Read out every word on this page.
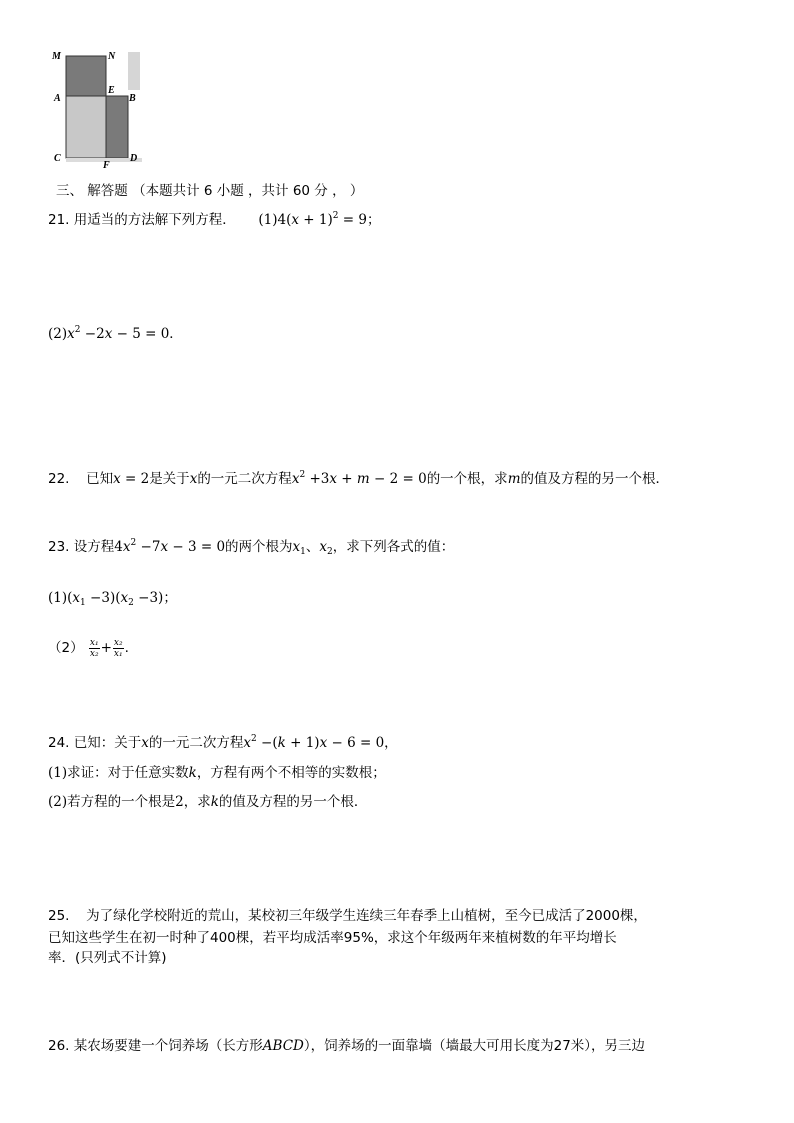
M	N
A
E
B
C
F
D
三、 解答题 （本题共计 6 小题 ，共计 60 分 ， ）
21. 用适当的方法解下列方程． $(1)4(x + 1)^2 = 9$；
$(2)x^2 -2x - 5 = 0$．
22. 已知x = 2是关于x的一元二次方程$x^2 +3x + m - 2 = 0$的一个根，求m的值及方程的另一个根．
23. 设方程$4x^2 -7x - 3 = 0$的两个根为$x_1$、$x_2$，求下列各式的值：
$(1)(x_1 -3)(x_2 -3)$；
$(2) \frac{\text{x₁}}{\text{x₂}} + \frac{\text{x₂}}{\text{x₁}}$ .
24. 已知：关于x的一元二次方程$x^2 -(k + 1)x - 6 = 0$，
(1)求证：对于任意实数k，方程有两个不相等的实数根；
(2)若方程的一个根是2，求k的值及方程的另一个根．
25. 为了绿化学校附近的荒山，某校初三年级学生连续三年春季上山植树，至今已成活了2000棵，
已知这些学生在初一时种了400棵，若平均成活率95%，求这个年级两年来植树数的年平均增长
率．(只列式不计算)
26. 某农场要建一个饲养场（长方形ABCD），饲养场的一面靠墙（墙最大可用长度为27米），另三边
